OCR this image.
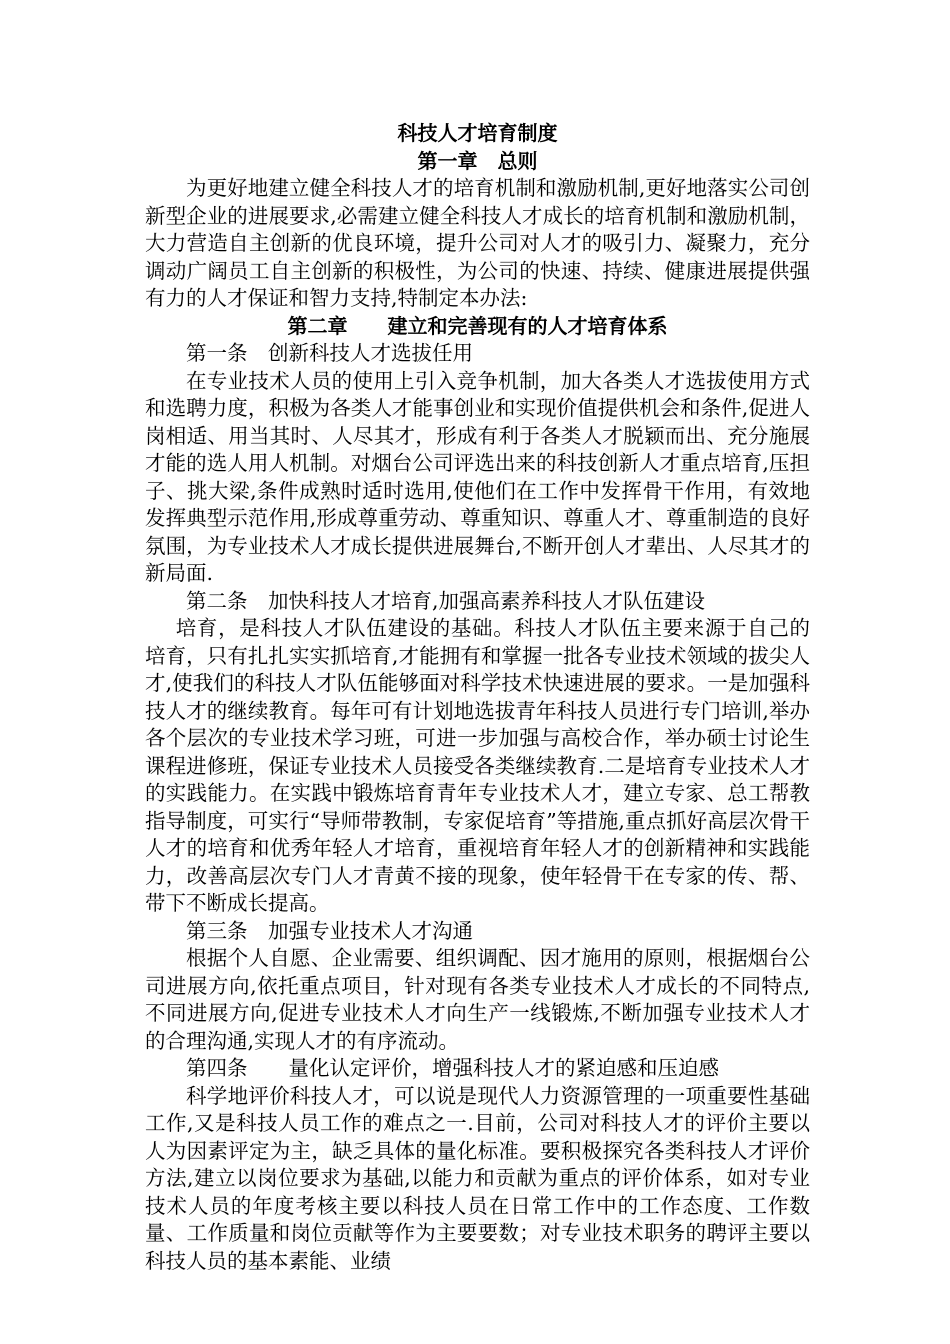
科技人才培育制度

第一章　总则

为更好地建立健全科技人才的培育机制和激励机制,更好地落实公司创新型企业的进展要求,必需建立健全科技人才成长的培育机制和激励机制，大力营造自主创新的优良环境，提升公司对人才的吸引力、凝聚力，充分调动广阔员工自主创新的积极性，为公司的快速、持续、健康进展提供强有力的人才保证和智力支持,特制定本办法:

第二章　　建立和完善现有的人才培育体系

第一条　创新科技人才选拔任用

在专业技术人员的使用上引入竞争机制，加大各类人才选拔使用方式和选聘力度，积极为各类人才能事创业和实现价值提供机会和条件,促进人岗相适、用当其时、人尽其才，形成有利于各类人才脱颖而出、充分施展才能的选人用人机制。对烟台公司评选出来的科技创新人才重点培育,压担子、挑大梁,条件成熟时适时选用,使他们在工作中发挥骨干作用，有效地发挥典型示范作用,形成尊重劳动、尊重知识、尊重人才、尊重制造的良好氛围，为专业技术人才成长提供进展舞台,不断开创人才辈出、人尽其才的新局面.

第二条　加快科技人才培育,加强高素养科技人才队伍建设

培育，是科技人才队伍建设的基础。科技人才队伍主要来源于自己的培育，只有扎扎实实抓培育,才能拥有和掌握一批各专业技术领域的拔尖人才,使我们的科技人才队伍能够面对科学技术快速进展的要求。一是加强科技人才的继续教育。每年可有计划地选拔青年科技人员进行专门培训,举办各个层次的专业技术学习班，可进一步加强与高校合作，举办硕士讨论生课程进修班，保证专业技术人员接受各类继续教育.二是培育专业技术人才的实践能力。在实践中锻炼培育青年专业技术人才，建立专家、总工帮教指导制度，可实行“导师带教制，专家促培育”等措施,重点抓好高层次骨干人才的培育和优秀年轻人才培育，重视培育年轻人才的创新精神和实践能力，改善高层次专门人才青黄不接的现象，使年轻骨干在专家的传、帮、带下不断成长提高。

第三条　加强专业技术人才沟通

根据个人自愿、企业需要、组织调配、因才施用的原则，根据烟台公司进展方向,依托重点项目，针对现有各类专业技术人才成长的不同特点,不同进展方向,促进专业技术人才向生产一线锻炼,不断加强专业技术人才的合理沟通,实现人才的有序流动。

第四条　　量化认定评价，增强科技人才的紧迫感和压迫感

科学地评价科技人才，可以说是现代人力资源管理的一项重要性基础工作,又是科技人员工作的难点之一.目前，公司对科技人才的评价主要以人为因素评定为主，缺乏具体的量化标准。要积极探究各类科技人才评价方法,建立以岗位要求为基础,以能力和贡献为重点的评价体系，如对专业技术人员的年度考核主要以科技人员在日常工作中的工作态度、工作数量、工作质量和岗位贡献等作为主要要数；对专业技术职务的聘评主要以科技人员的基本素能、业绩
